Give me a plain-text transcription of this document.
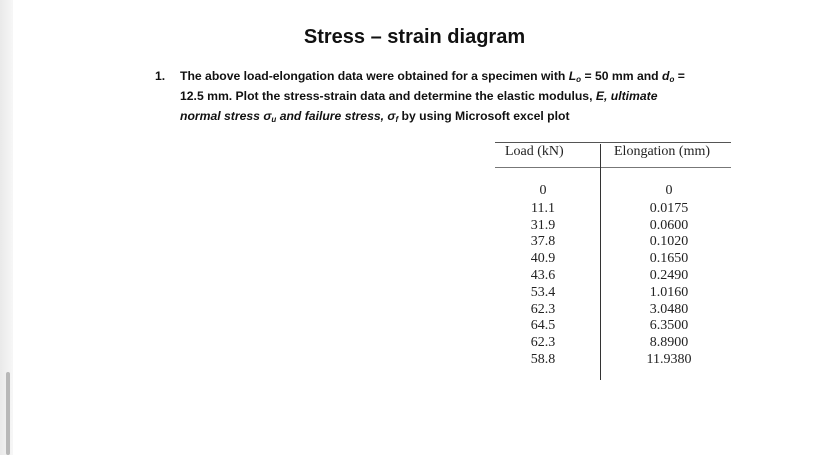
Stress – strain diagram
1. The above load-elongation data were obtained for a specimen with $L_o = 50$ mm and $d_o$ =
12.5 mm. Plot the stress-strain data and determine the elastic modulus, E, ultimate
normal stress $\sigma_u$ and failure stress, $\sigma_f$ by using Microsoft excel plot
Load (kN)	Elongation (mm)
0
11.1
31.9
37.8
40.9
43.6
53.4
62.3
64.5
62.3
58.8
0
0.0175
0.0600
0.1020
0.1650
0.2490
1.0160
3.0480
6.3500
8.8900
11.9380
